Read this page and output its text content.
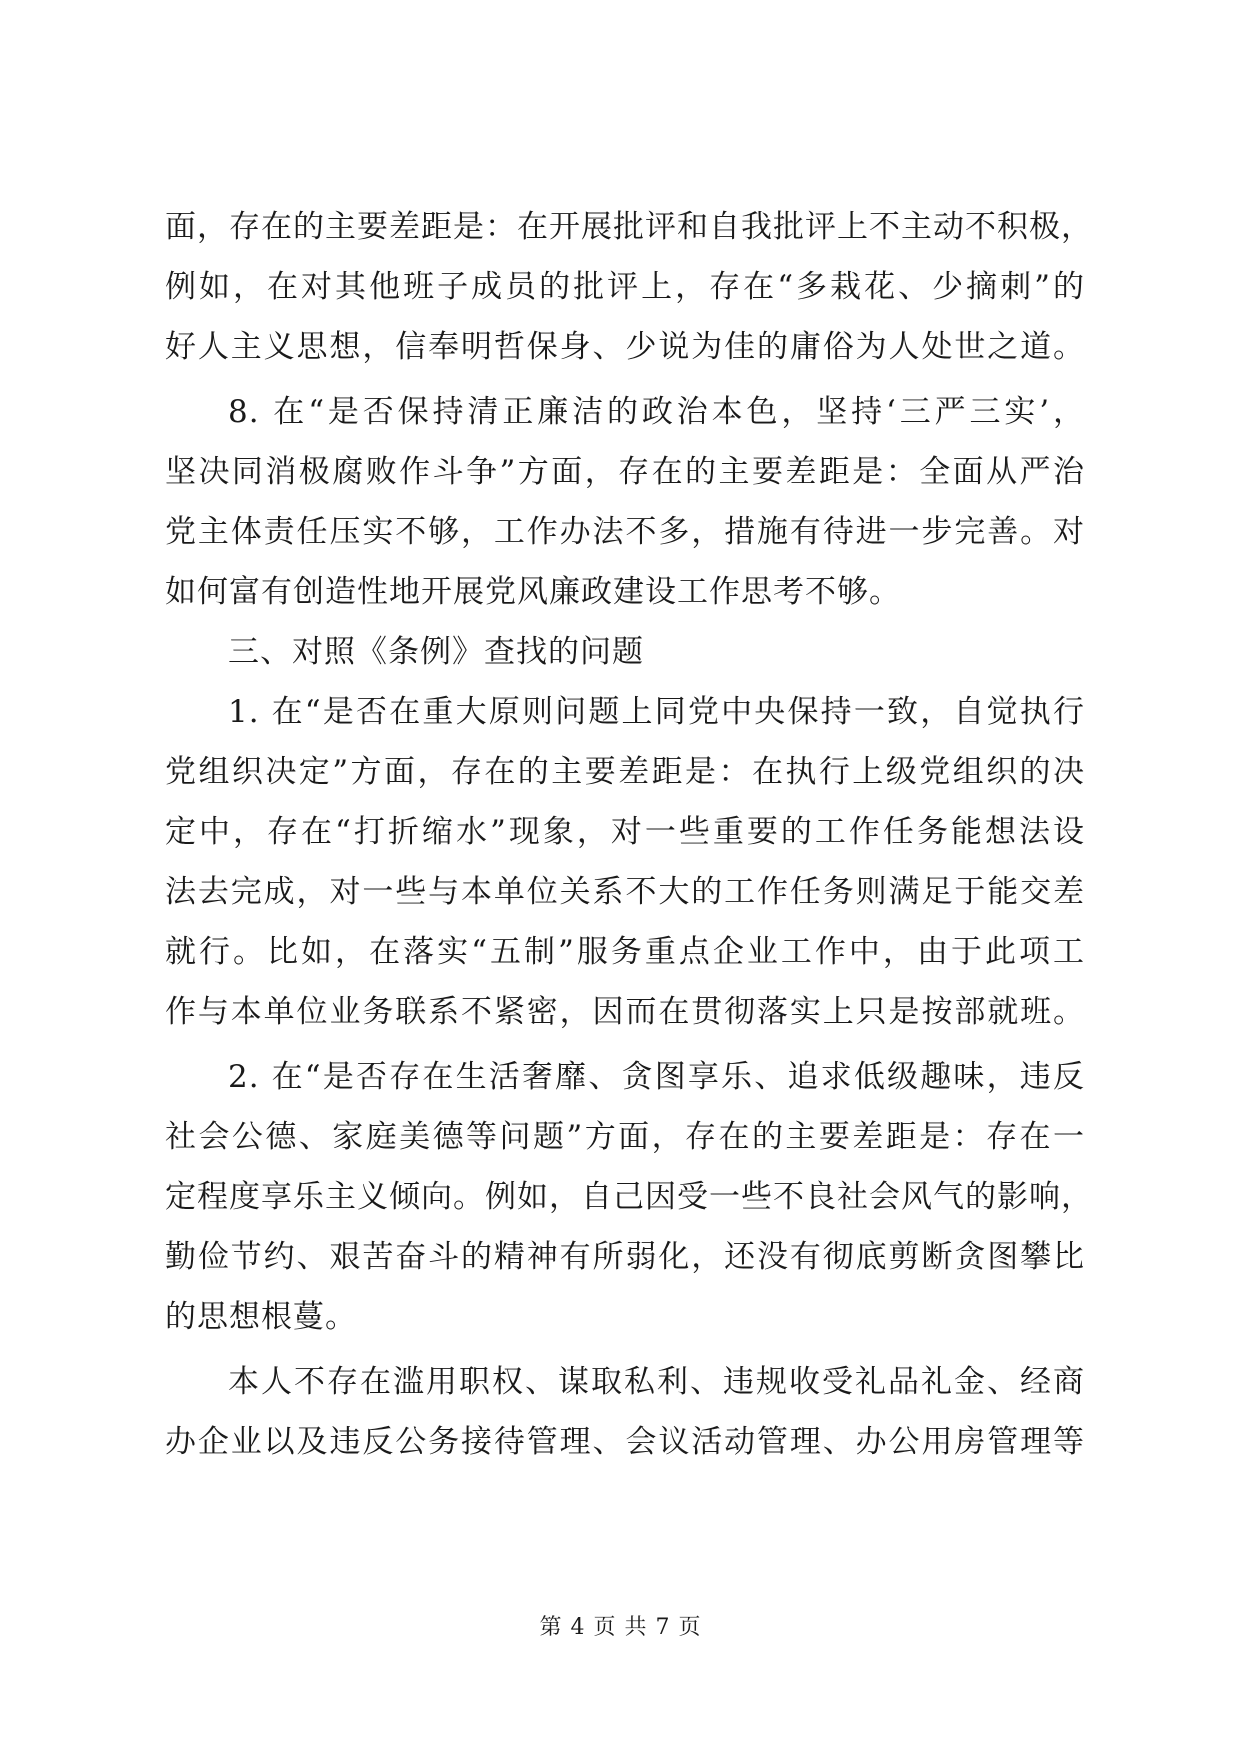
面，存在的主要差距是：在开展批评和自我批评上不主动不积极，
例如，在对其他班子成员的批评上，存在“多栽花、少摘刺”的
好人主义思想，信奉明哲保身、少说为佳的庸俗为人处世之道。
8. 在“是否保持清正廉洁的政治本色，坚持‘三严三实’，
坚决同消极腐败作斗争”方面，存在的主要差距是：全面从严治
党主体责任压实不够，工作办法不多，措施有待进一步完善。对
如何富有创造性地开展党风廉政建设工作思考不够。
三、对照《条例》查找的问题
1. 在“是否在重大原则问题上同党中央保持一致，自觉执行
党组织决定”方面，存在的主要差距是：在执行上级党组织的决
定中，存在“打折缩水”现象，对一些重要的工作任务能想法设
法去完成，对一些与本单位关系不大的工作任务则满足于能交差
就行。比如，在落实“五制”服务重点企业工作中，由于此项工
作与本单位业务联系不紧密，因而在贯彻落实上只是按部就班。
2. 在“是否存在生活奢靡、贪图享乐、追求低级趣味，违反
社会公德、家庭美德等问题”方面，存在的主要差距是：存在一
定程度享乐主义倾向。例如，自己因受一些不良社会风气的影响，
勤俭节约、艰苦奋斗的精神有所弱化，还没有彻底剪断贪图攀比
的思想根蔓。
本人不存在滥用职权、谋取私利、违规收受礼品礼金、经商
办企业以及违反公务接待管理、会议活动管理、办公用房管理等
第 4 页 共 7 页
